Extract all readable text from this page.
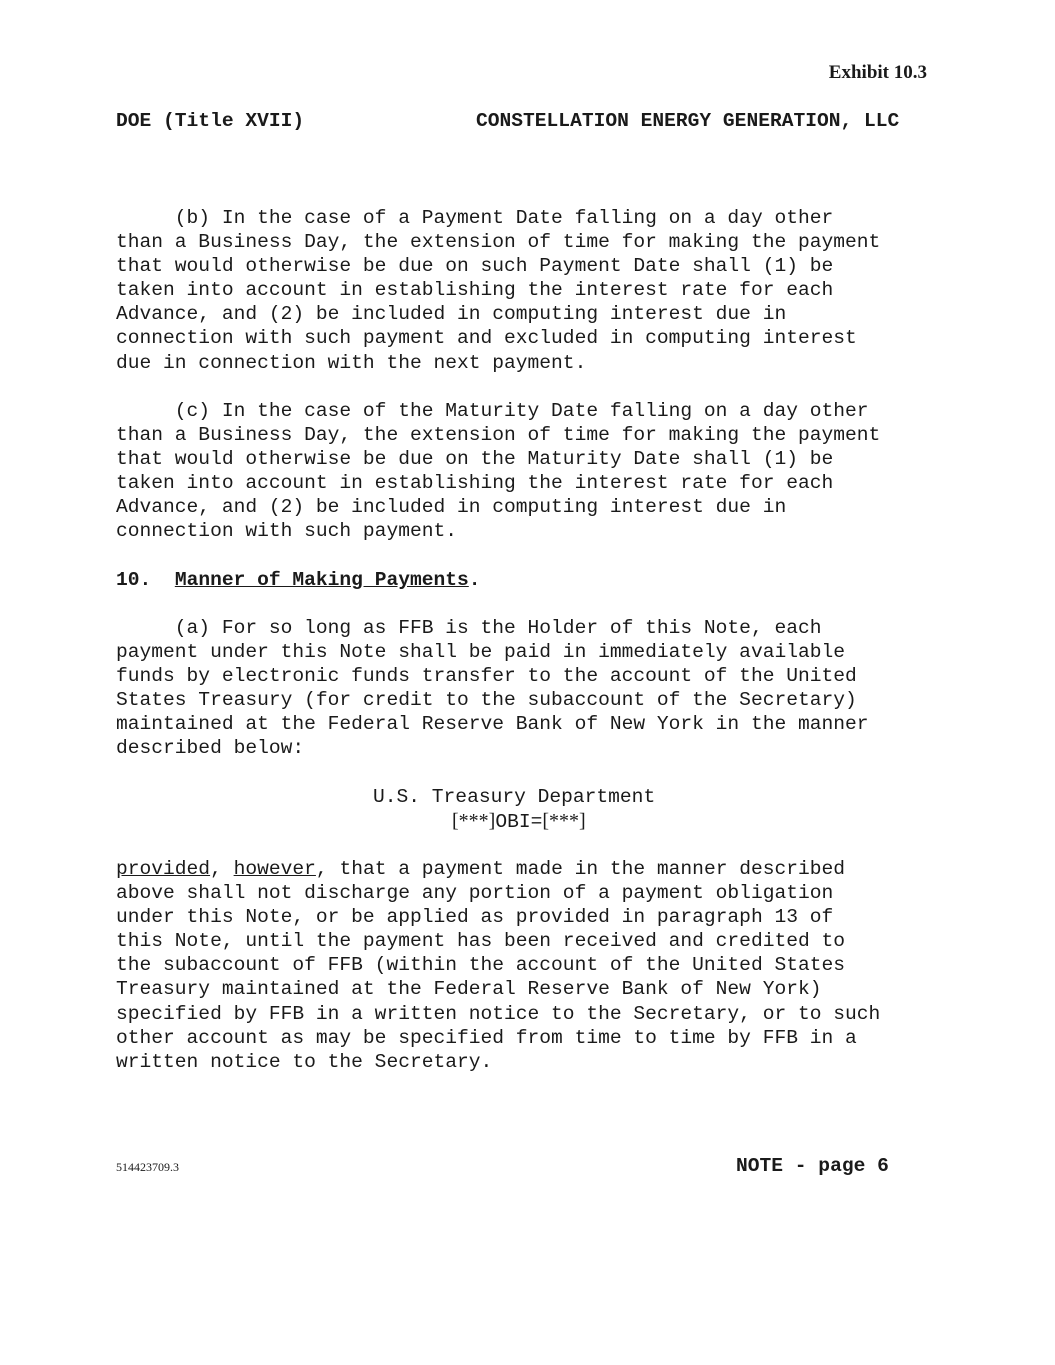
Exhibit 10.3
DOE (Title XVII)	CONSTELLATION ENERGY GENERATION, LLC
(b) In the case of a Payment Date falling on a day other
than a Business Day, the extension of time for making the payment
that would otherwise be due on such Payment Date shall (1) be
taken into account in establishing the interest rate for each
Advance, and (2) be included in computing interest due in
connection with such payment and excluded in computing interest
due in connection with the next payment.
(c) In the case of the Maturity Date falling on a day other
than a Business Day, the extension of time for making the payment
that would otherwise be due on the Maturity Date shall (1) be
taken into account in establishing the interest rate for each
Advance, and (2) be included in computing interest due in
connection with such payment.
10. Manner of Making Payments.
(a) For so long as FFB is the Holder of this Note, each
payment under this Note shall be paid in immediately available
funds by electronic funds transfer to the account of the United
States Treasury (for credit to the subaccount of the Secretary)
maintained at the Federal Reserve Bank of New York in the manner
described below:
U.S. Treasury Department
[***]OBI=[***]
provided, however, that a payment made in the manner described
above shall not discharge any portion of a payment obligation
under this Note, or be applied as provided in paragraph 13 of
this Note, until the payment has been received and credited to
the subaccount of FFB (within the account of the United States
Treasury maintained at the Federal Reserve Bank of New York)
specified by FFB in a written notice to the Secretary, or to such
other account as may be specified from time to time by FFB in a
written notice to the Secretary.
514423709.3	NOTE - page 6
